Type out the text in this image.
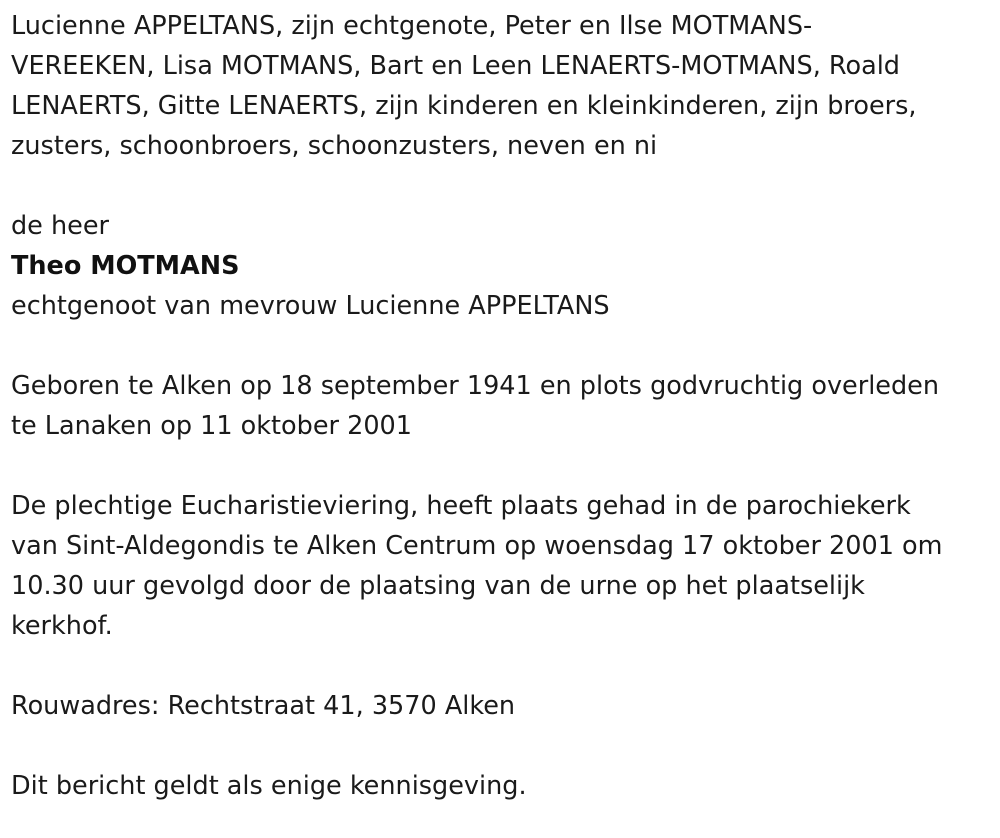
Lucienne APPELTANS, zijn echtgenote, Peter en Ilse MOTMANS-
VEREEKEN, Lisa MOTMANS, Bart en Leen LENAERTS-MOTMANS, Roald
LENAERTS, Gitte LENAERTS, zijn kinderen en kleinkinderen, zijn broers,
zusters, schoonbroers, schoonzusters, neven en ni

de heer

Theo MOTMANS

echtgenoot van mevrouw Lucienne APPELTANS

Geboren te Alken op 18 september 1941 en plots godvruchtig overleden
te Lanaken op 11 oktober 2001

De plechtige Eucharistieviering, heeft plaats gehad in de parochiekerk
van Sint-Aldegondis te Alken Centrum op woensdag 17 oktober 2001 om
10.30 uur gevolgd door de plaatsing van de urne op het plaatselijk
kerkhof.

Rouwadres: Rechtstraat 41, 3570 Alken

Dit bericht geldt als enige kennisgeving.
